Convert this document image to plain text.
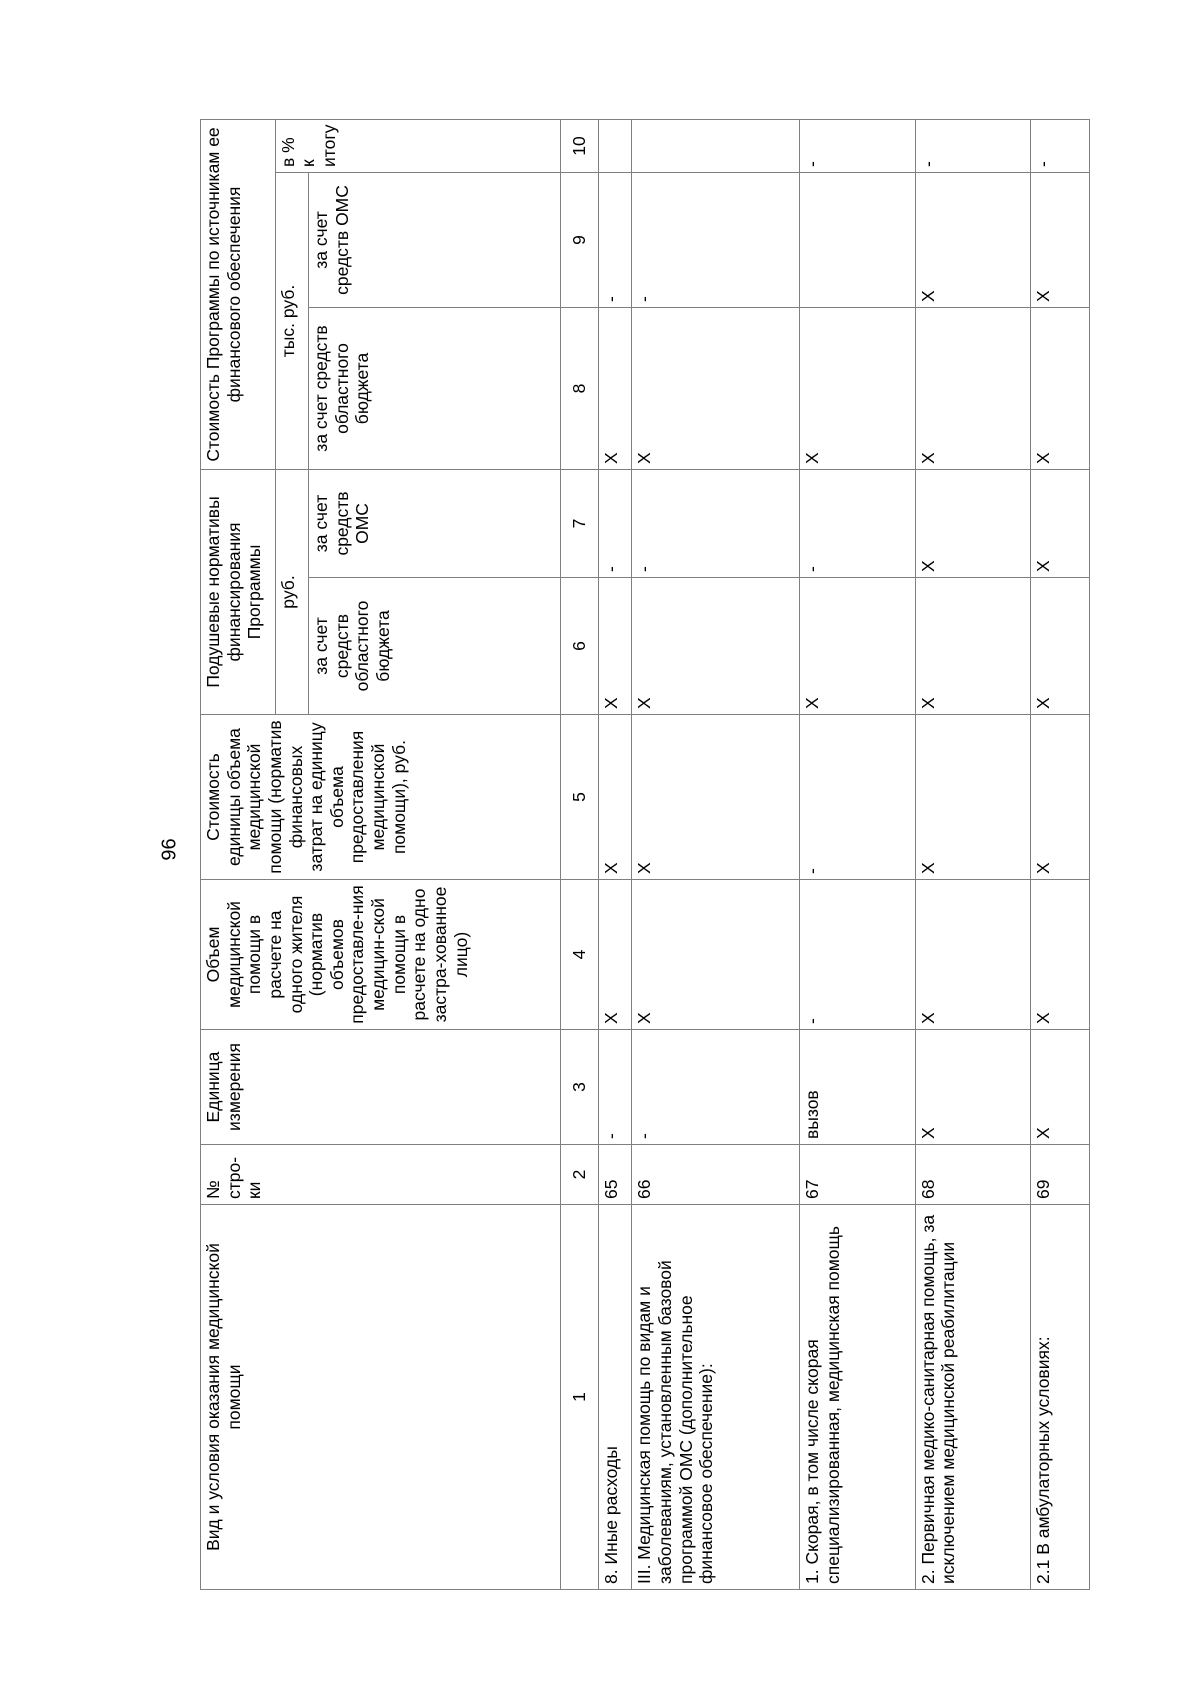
96
Вид и условия оказания медицинской помощи	№ стро-ки	Единица измерения	Объем медицинской помощи в расчете на одного жителя (норматив объемов предоставле-ния медицин-ской помощи в расчете на одно застра-хованное лицо)	Стоимость единицы объема медицинской помощи (норматив финансовых затрат на единицу объема предоставления медицинской помощи), руб.	Подушевые нормативы финансирования Программы		Стоимость Программы по источникам ее финансового обеспечения		
					руб.		тыс. руб.		в % к итогу
					за счет средств областного бюджета	за счет средств ОМС	за счет средств областного бюджета	за счет средств ОМС	
1	2	3	4	5	6	7	8	9	10
8. Иные расходы	65	-	Х	Х	Х	-	Х	-	
III. Медицинская помощь по видам и заболеваниям, установленным базовой программой ОМС (дополнительное финансовое обеспечение):	66	-	Х	Х	Х	-	Х	-	
1. Скорая, в том числе скорая специализированная, медицинская помощь	67	вызов	-	-	Х	-	Х		-
2. Первичная медико-санитарная помощь, за исключением медицинской реабилитации	68	Х	Х	Х	Х	Х	Х	Х	-
2.1 В амбулаторных условиях:	69	Х	Х	Х	Х	Х	Х	Х	-
